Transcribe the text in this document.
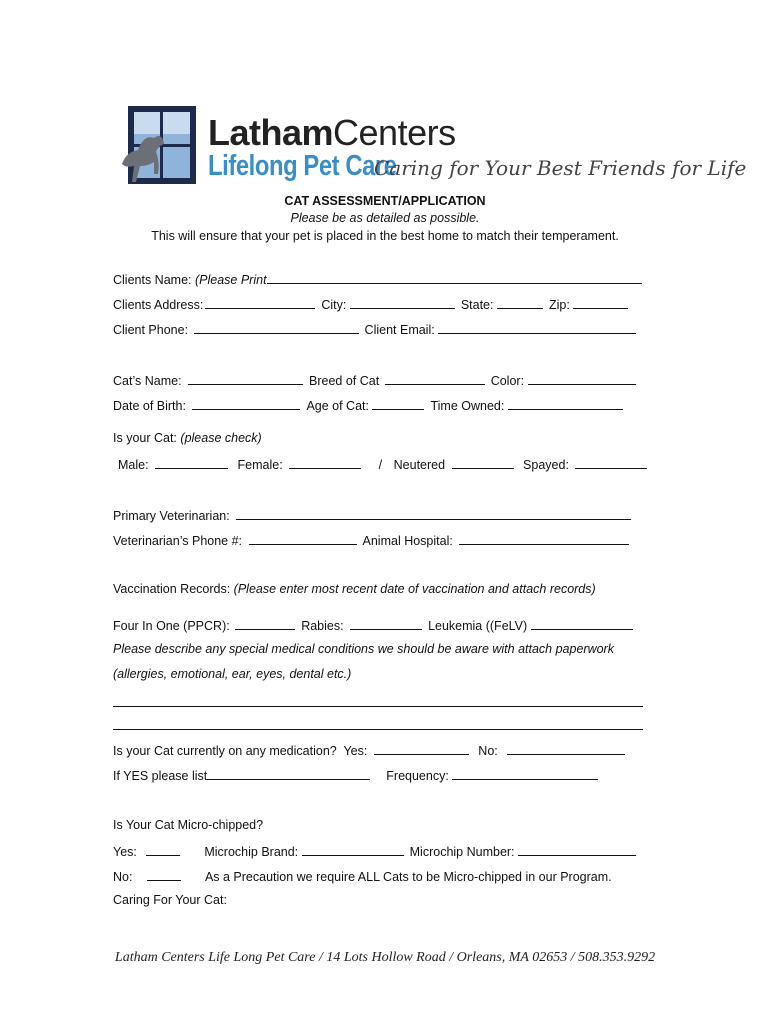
LathamCenters
Lifelong Pet Care
Caring for Your Best Friends for Life
CAT ASSESSMENT/APPLICATION
Please be as detailed as possible.
This will ensure that your pet is placed in the best home to match their temperament.
Clients Name: (Please Print
Clients Address:	City:	State:	Zip:
Client Phone:	Client Email:
Cat’s Name:	Breed of Cat	Color:
Date of Birth:	Age of Cat:	Time Owned:
Is your Cat: (please check)
Male:	Female:	/ Neutered	Spayed:
Primary Veterinarian:
Veterinarian’s Phone #:	Animal Hospital:
Vaccination Records: (Please enter most recent date of vaccination and attach records)
Four In One (PPCR):	Rabies:	Leukemia ((FeLV)
Please describe any special medical conditions we should be aware with attach paperwork
(allergies, emotional, ear, eyes, dental etc.)
Is your Cat currently on any medication? Yes:	No:
If YES please list	Frequency:
Is Your Cat Micro-chipped?
Yes:	Microchip Brand:	Microchip Number:
No:	As a Precaution we require ALL Cats to be Micro-chipped in our Program.
Caring For Your Cat:
Latham Centers Life Long Pet Care / 14 Lots Hollow Road / Orleans, MA 02653 / 508.353.9292
